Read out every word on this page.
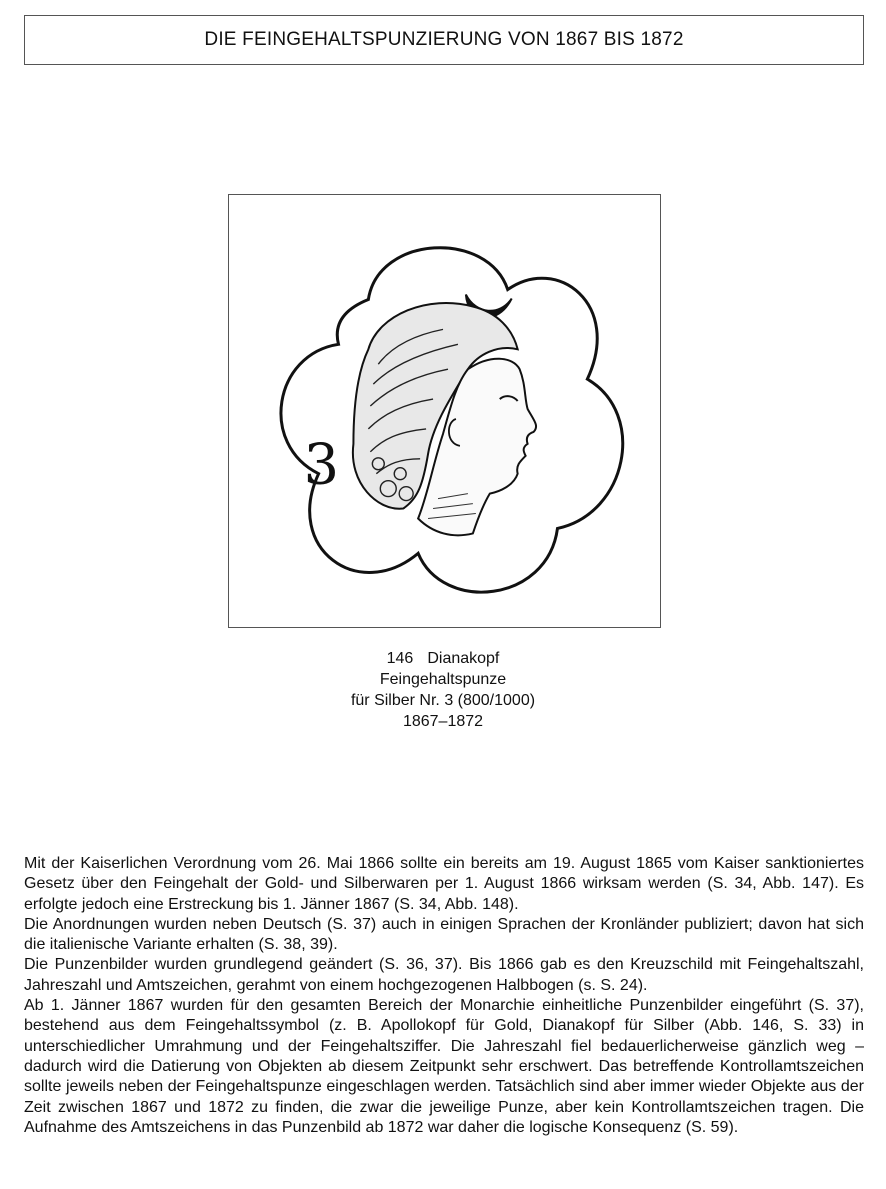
DIE FEINGEHALTSPUNZIERUNG VON 1867 BIS 1872
3
146 Dianakopf
Feingehaltspunze
für Silber Nr. 3 (800/1000)
1867–1872

Mit der Kaiserlichen Verordnung vom 26. Mai 1866 sollte ein bereits am 19. August 1865 vom Kaiser sanktioniertes Gesetz über den Feingehalt der Gold- und Silberwaren per 1. August 1866 wirksam werden (S. 34, Abb. 147). Es erfolgte jedoch eine Erstreckung bis 1. Jänner 1867 (S. 34, Abb. 148).

Die Anordnungen wurden neben Deutsch (S. 37) auch in einigen Sprachen der Kronländer publiziert; davon hat sich die italienische Variante erhalten (S. 38, 39).

Die Punzenbilder wurden grundlegend geändert (S. 36, 37). Bis 1866 gab es den Kreuzschild mit Feingehaltszahl, Jahreszahl und Amtszeichen, gerahmt von einem hochgezogenen Halbbogen (s. S. 24).

Ab 1. Jänner 1867 wurden für den gesamten Bereich der Monarchie einheitliche Punzenbilder eingeführt (S. 37), bestehend aus dem Feingehaltssymbol (z. B. Apollokopf für Gold, Dianakopf für Silber (Abb. 146, S. 33) in unterschiedlicher Umrahmung und der Feingehaltsziffer. Die Jahreszahl fiel bedauerlicherweise gänzlich weg – dadurch wird die Datierung von Objekten ab diesem Zeitpunkt sehr erschwert. Das betreffende Kontrollamtszeichen sollte jeweils neben der Feingehaltspunze eingeschlagen werden. Tatsächlich sind aber immer wieder Objekte aus der Zeit zwischen 1867 und 1872 zu finden, die zwar die jeweilige Punze, aber kein Kontrollamtszeichen tragen. Die Aufnahme des Amtszeichens in das Punzenbild ab 1872 war daher die logische Konsequenz (S. 59).
